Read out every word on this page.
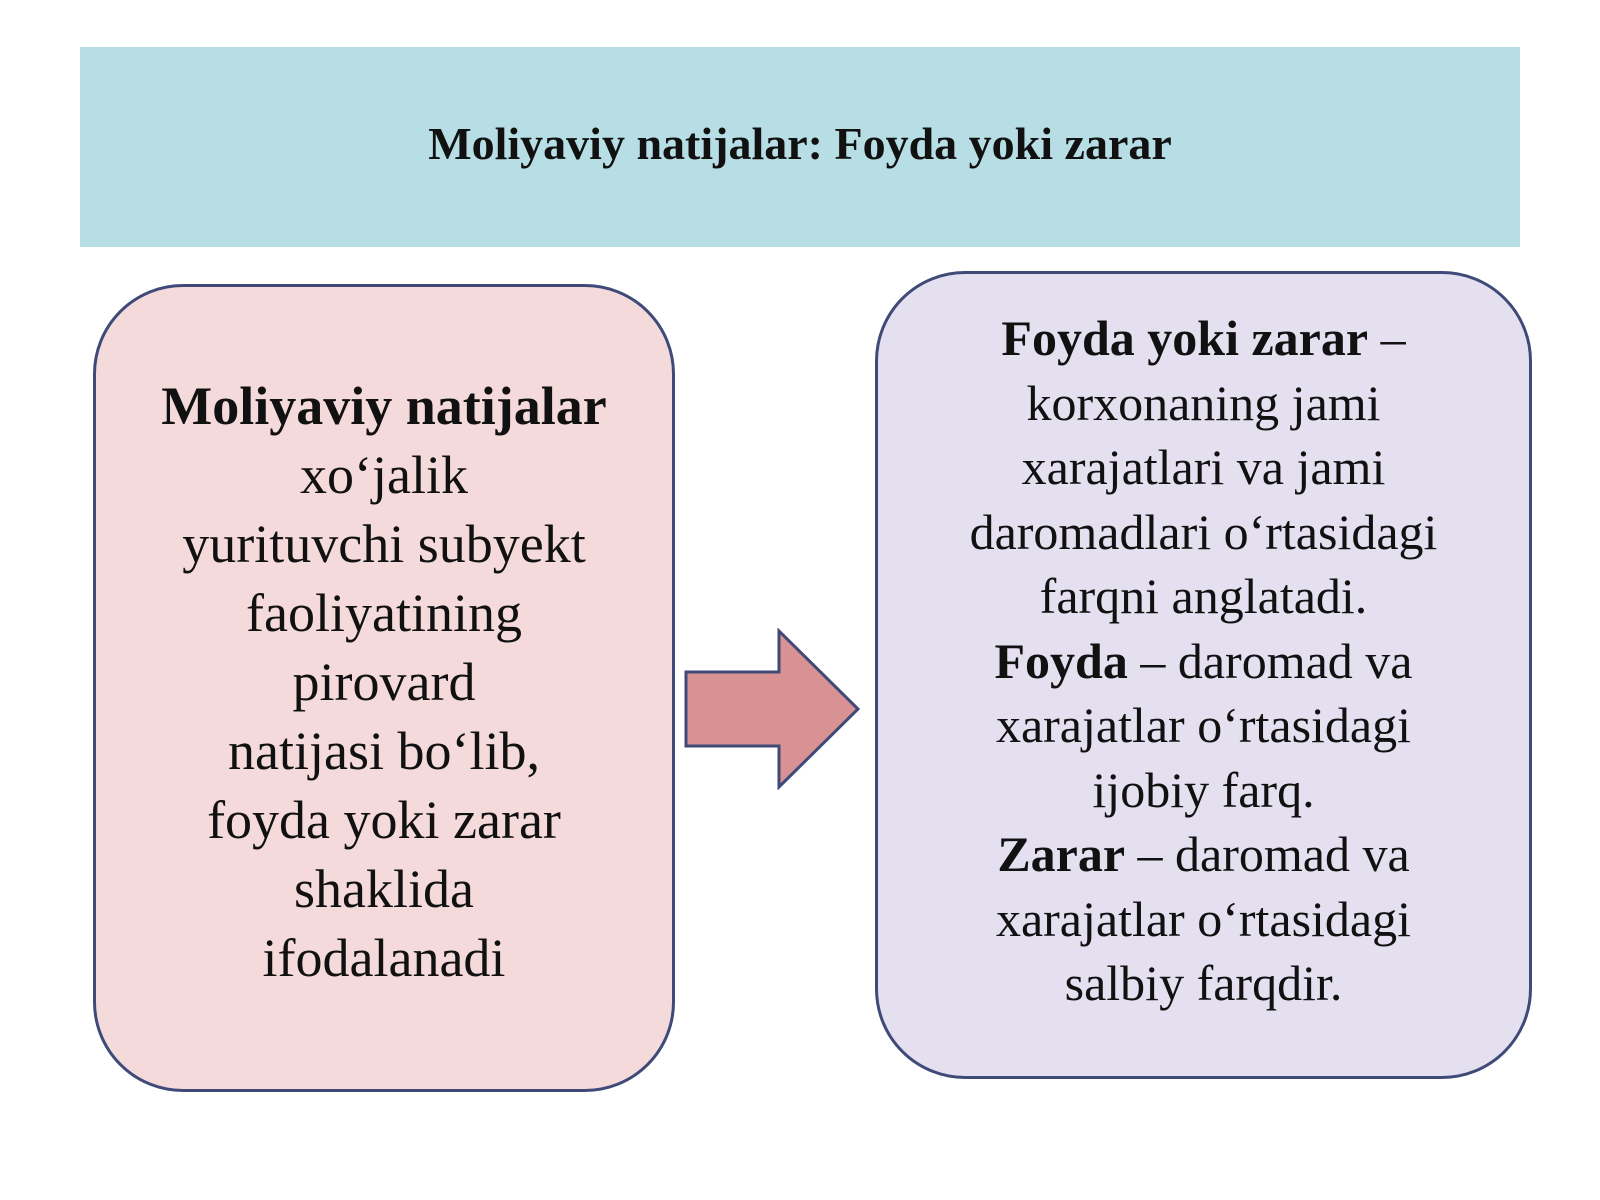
Moliyaviy natijalar: Foyda yoki zarar
Moliyaviy natijalar
xo‘jalik
yurituvchi subyekt
faoliyatining
pirovard
natijasi bo‘lib,
foyda yoki zarar
shaklida
ifodalanadi
Foyda yoki zarar –
korxonaning jami
xarajatlari va jami
daromadlari o‘rtasidagi
farqni anglatadi.
Foyda – daromad va
xarajatlar o‘rtasidagi
ijobiy farq.
Zarar – daromad va
xarajatlar o‘rtasidagi
salbiy farqdir.
